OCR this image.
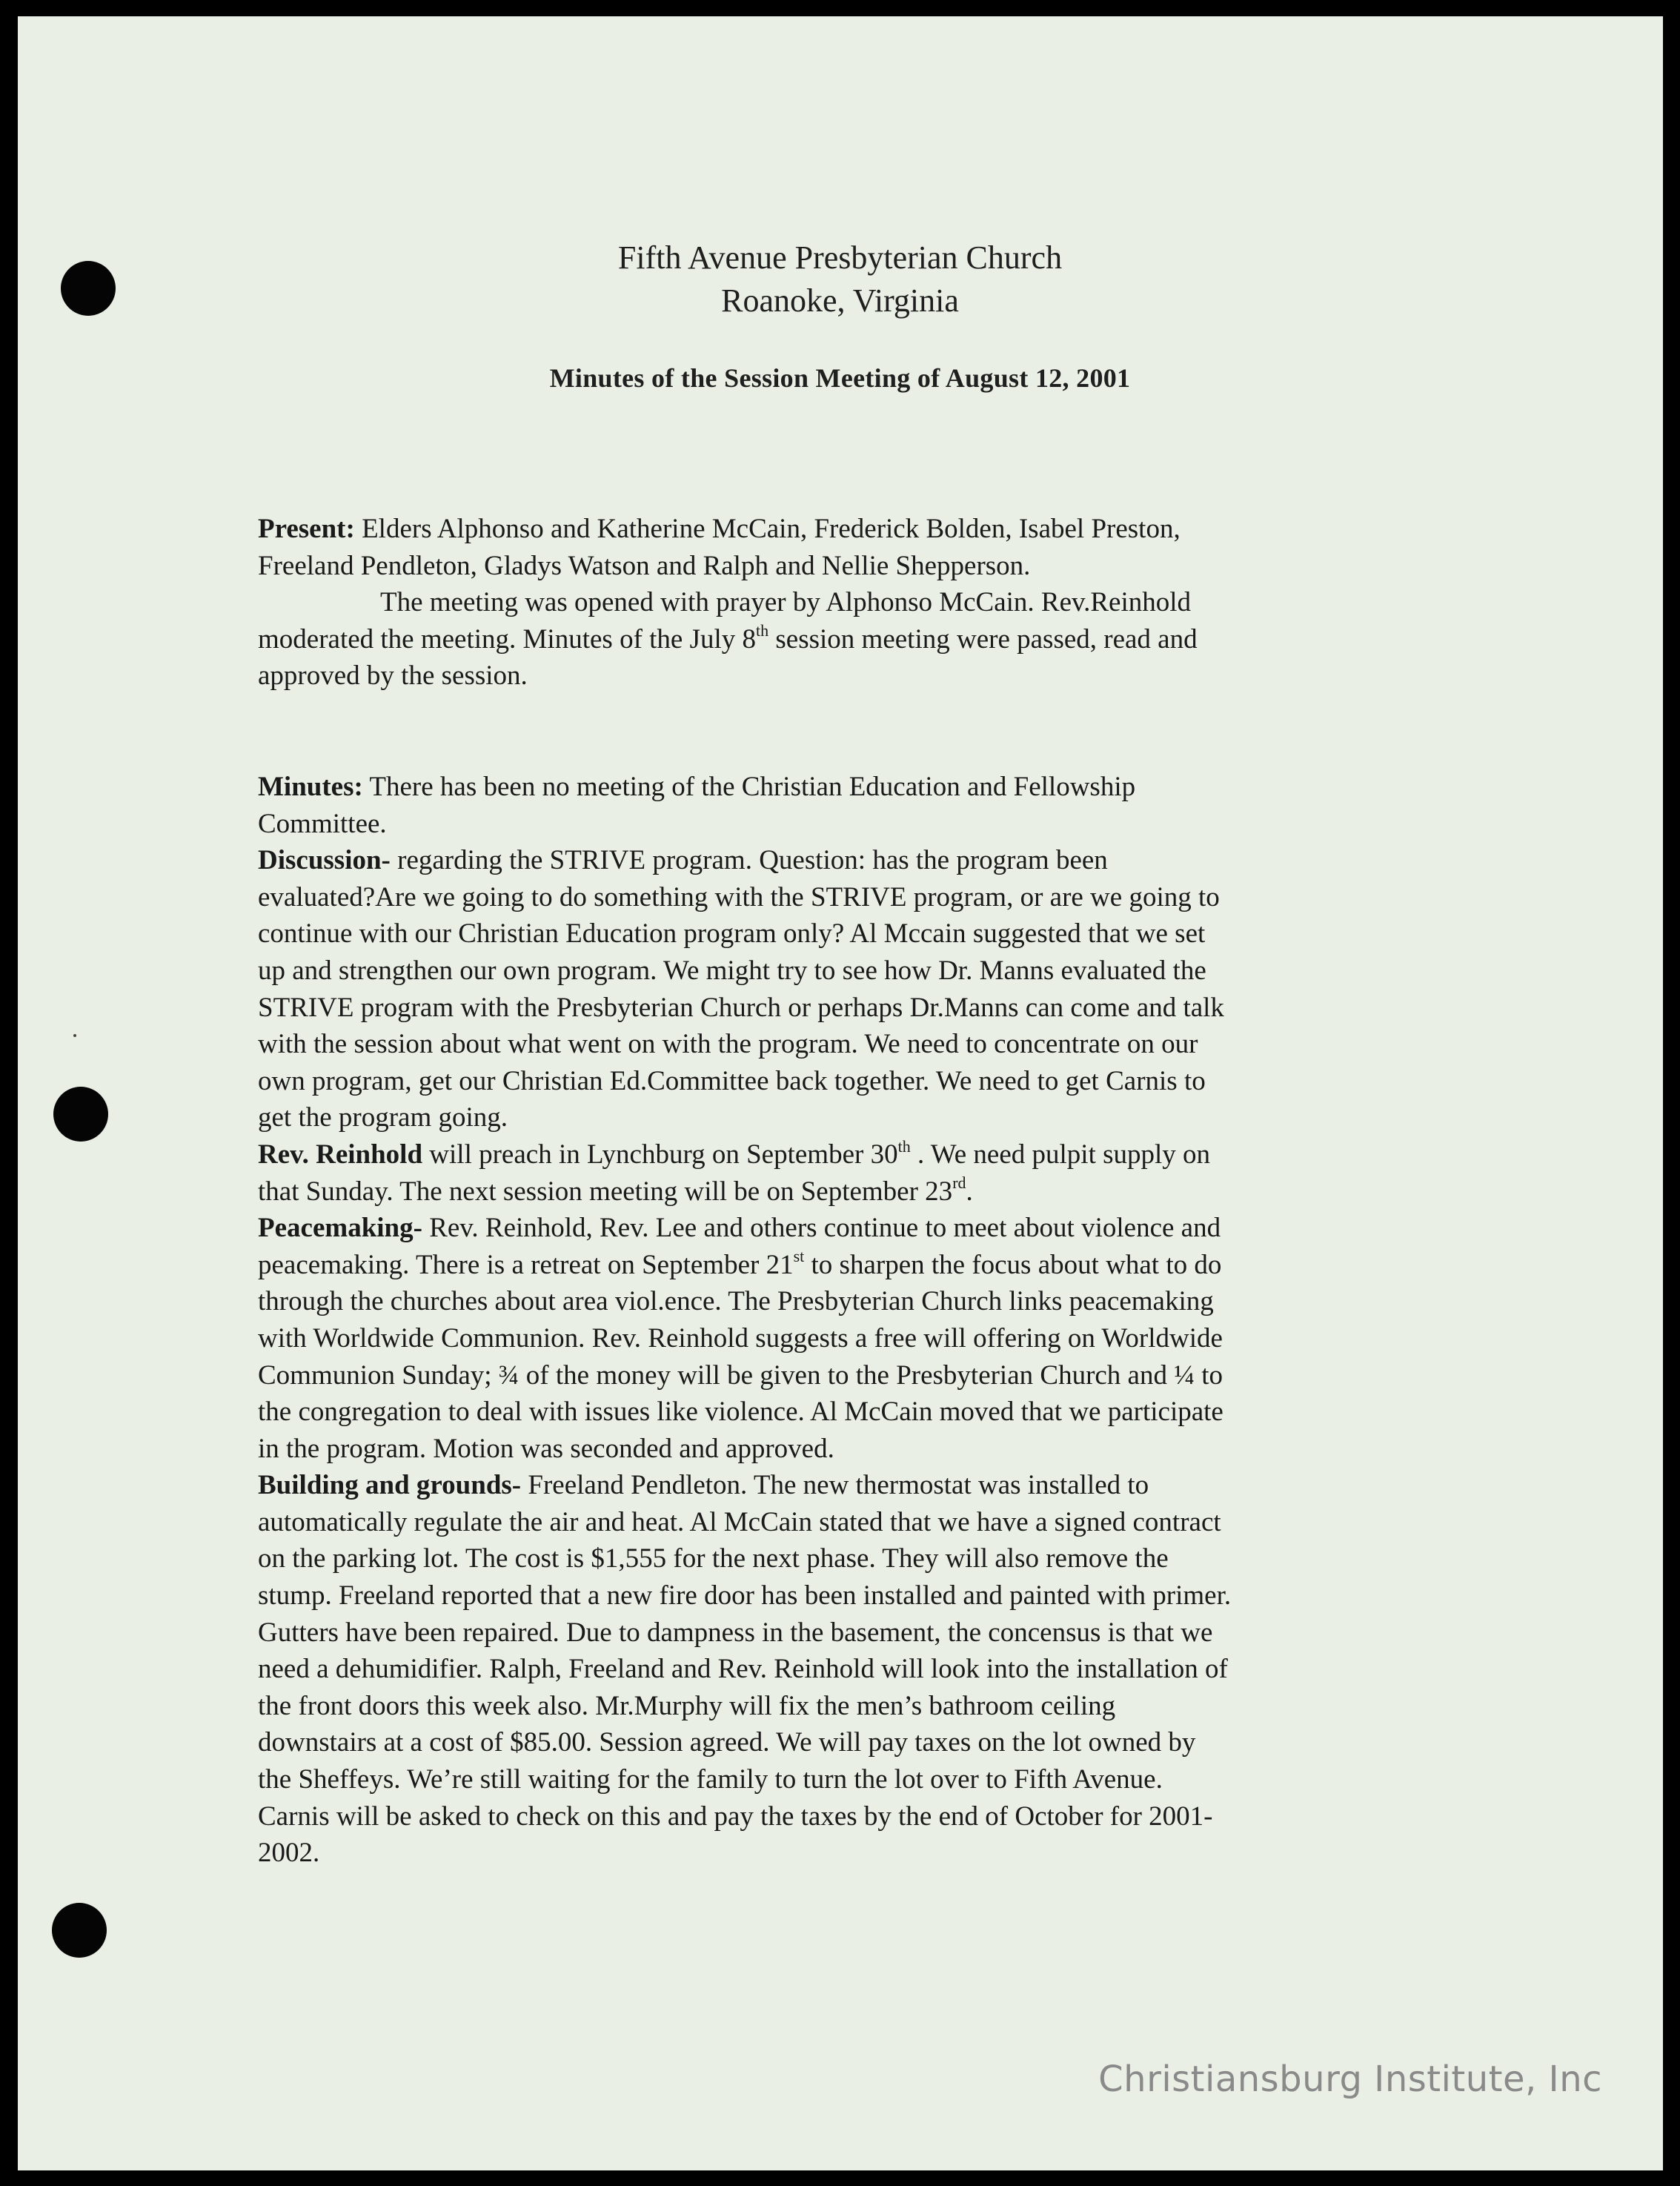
Fifth Avenue Presbyterian Church
Roanoke, Virginia
Minutes of the Session Meeting of August 12, 2001

Present: Elders Alphonso and Katherine McCain, Frederick Bolden, Isabel Preston,

Freeland Pendleton, Gladys Watson and Ralph and Nellie Shepperson.

The meeting was opened with prayer by Alphonso McCain. Rev.Reinhold

moderated the meeting. Minutes of the July 8th session meeting were passed, read and

approved by the session.

Minutes: There has been no meeting of the Christian Education and Fellowship

Committee.

Discussion- regarding the STRIVE program. Question: has the program been

evaluated?Are we going to do something with the STRIVE program, or are we going to

continue with our Christian Education program only? Al Mccain suggested that we set

up and strengthen our own program. We might try to see how Dr. Manns evaluated the

STRIVE program with the Presbyterian Church or perhaps Dr.Manns can come and talk

with the session about what went on with the program. We need to concentrate on our

own program, get our Christian Ed.Committee back together. We need to get Carnis to

get the program going.

Rev. Reinhold will preach in Lynchburg on September 30th . We need pulpit supply on

that Sunday. The next session meeting will be on September 23rd.

Peacemaking- Rev. Reinhold, Rev. Lee and others continue to meet about violence and

peacemaking. There is a retreat on September 21st to sharpen the focus about what to do

through the churches about area viol.ence. The Presbyterian Church links peacemaking

with Worldwide Communion. Rev. Reinhold suggests a free will offering on Worldwide

Communion Sunday; ¾ of the money will be given to the Presbyterian Church and ¼ to

the congregation to deal with issues like violence. Al McCain moved that we participate

in the program. Motion was seconded and approved.

Building and grounds- Freeland Pendleton. The new thermostat was installed to

automatically regulate the air and heat. Al McCain stated that we have a signed contract

on the parking lot. The cost is $1,555 for the next phase. They will also remove the

stump. Freeland reported that a new fire door has been installed and painted with primer.

Gutters have been repaired. Due to dampness in the basement, the concensus is that we

need a dehumidifier. Ralph, Freeland and Rev. Reinhold will look into the installation of

the front doors this week also. Mr.Murphy will fix the men’s bathroom ceiling

downstairs at a cost of $85.00. Session agreed. We will pay taxes on the lot owned by

the Sheffeys. We’re still waiting for the family to turn the lot over to Fifth Avenue.

Carnis will be asked to check on this and pay the taxes by the end of October for 2001-

2002.

Christiansburg Institute, Inc
